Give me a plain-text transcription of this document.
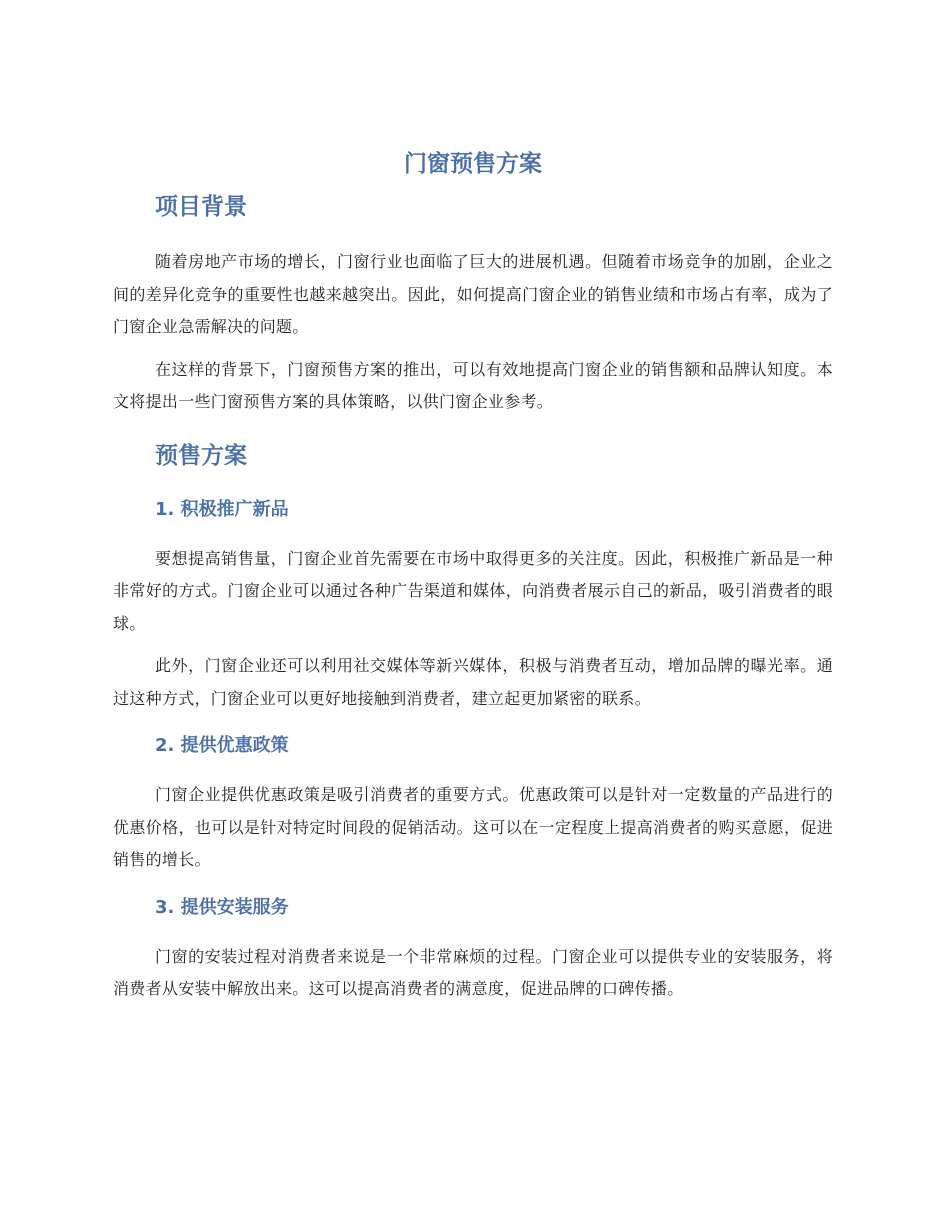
门窗预售方案
项目背景

随着房地产市场的增长，门窗行业也面临了巨大的进展机遇。但随着市场竞争的加剧，企业之间的差异化竞争的重要性也越来越突出。因此，如何提高门窗企业的销售业绩和市场占有率，成为了门窗企业急需解决的问题。

在这样的背景下，门窗预售方案的推出，可以有效地提高门窗企业的销售额和品牌认知度。本文将提出一些门窗预售方案的具体策略，以供门窗企业参考。

预售方案
1. 积极推广新品

要想提高销售量，门窗企业首先需要在市场中取得更多的关注度。因此，积极推广新品是一种非常好的方式。门窗企业可以通过各种广告渠道和媒体，向消费者展示自己的新品，吸引消费者的眼球。

此外，门窗企业还可以利用社交媒体等新兴媒体，积极与消费者互动，增加品牌的曝光率。通过这种方式，门窗企业可以更好地接触到消费者，建立起更加紧密的联系。

2. 提供优惠政策

门窗企业提供优惠政策是吸引消费者的重要方式。优惠政策可以是针对一定数量的产品进行的优惠价格，也可以是针对特定时间段的促销活动。这可以在一定程度上提高消费者的购买意愿，促进销售的增长。

3. 提供安装服务

门窗的安装过程对消费者来说是一个非常麻烦的过程。门窗企业可以提供专业的安装服务，将消费者从安装中解放出来。这可以提高消费者的满意度，促进品牌的口碑传播。
